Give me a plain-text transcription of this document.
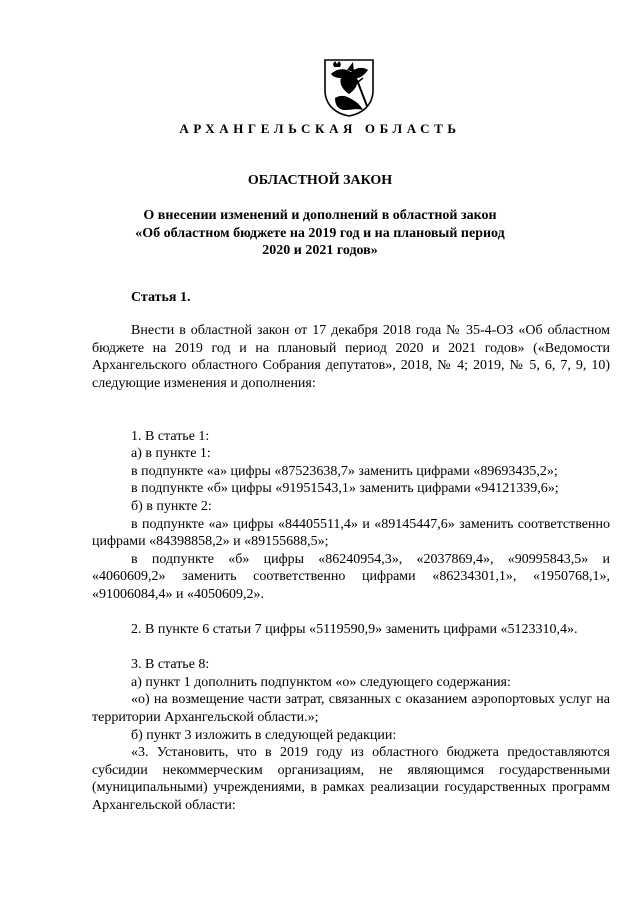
АРХАНГЕЛЬСКАЯ ОБЛАСТЬ
ОБЛАСТНОЙ ЗАКОН
О внесении изменений и дополнений в областной закон
«Об областном бюджете на 2019 год и на плановый период
2020 и 2021 годов»
Статья 1.

Внести в областной закон от 17 декабря 2018 года № 35-4-ОЗ «Об областном бюджете на 2019 год и на плановый период 2020 и 2021 годов» («Ведомости Архангельского областного Собрания депутатов», 2018, № 4; 2019, № 5, 6, 7, 9, 10) следующие изменения и дополнения:

1. В статье 1:

а) в пункте 1:

в подпункте «а» цифры «87523638,7» заменить цифрами «89693435,2»;

в подпункте «б» цифры «91951543,1» заменить цифрами «94121339,6»;

б) в пункте 2:

в подпункте «а» цифры «84405511,4» и «89145447,6» заменить соответственно цифрами «84398858,2» и «89155688,5»;

в подпункте «б» цифры «86240954,3», «2037869,4», «90995843,5» и «4060609,2» заменить соответственно цифрами «86234301,1», «1950768,1», «91006084,4» и «4050609,2».

2. В пункте 6 статьи 7 цифры «5119590,9» заменить цифрами «5123310,4».

3. В статье 8:

а) пункт 1 дополнить подпунктом «о» следующего содержания:

«о) на возмещение части затрат, связанных с оказанием аэропортовых услуг на территории Архангельской области.»;

б) пункт 3 изложить в следующей редакции:

«3. Установить, что в 2019 году из областного бюджета предоставляются субсидии некоммерческим организациям, не являющимся государственными (муниципальными) учреждениями, в рамках реализации государственных программ Архангельской области:
